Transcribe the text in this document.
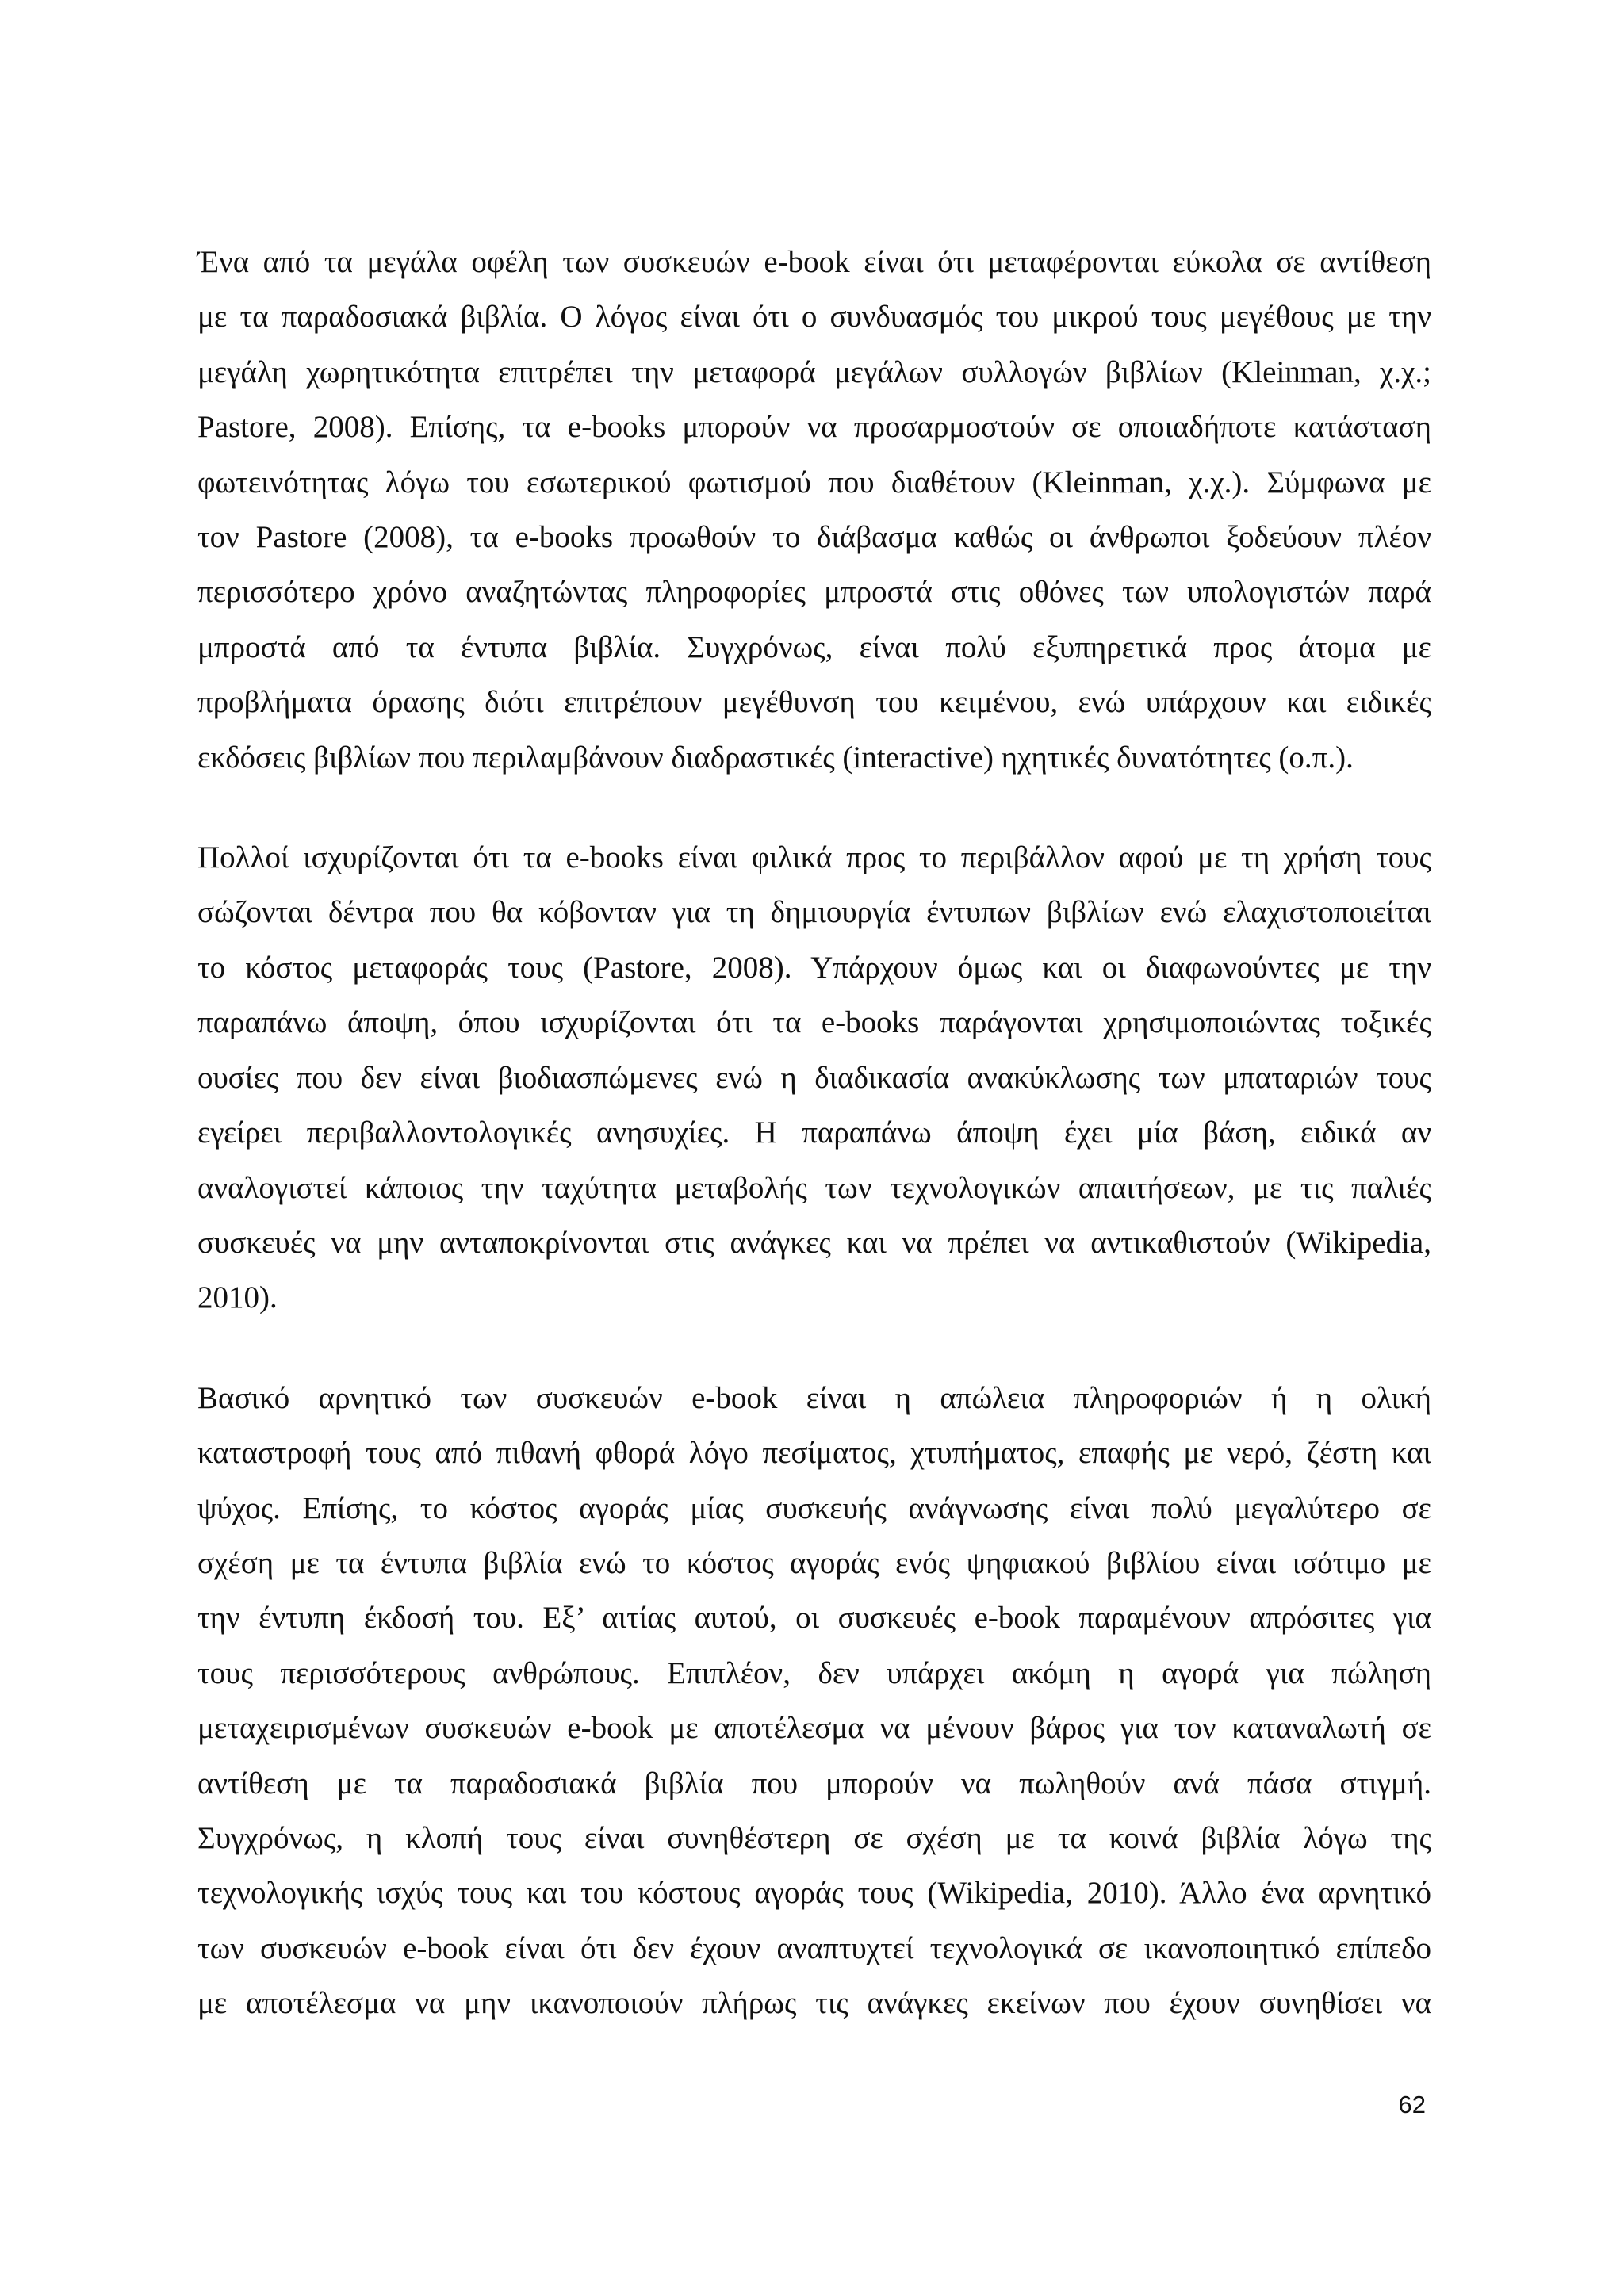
Ένα από τα μεγάλα οφέλη των συσκευών e-book είναι ότι μεταφέρονται εύκολα σε αντίθεση
με τα παραδοσιακά βιβλία. Ο λόγος είναι ότι ο συνδυασμός του μικρού τους μεγέθους με την
μεγάλη χωρητικότητα επιτρέπει την μεταφορά μεγάλων συλλογών βιβλίων (Kleinman, χ.χ.;
Pastore, 2008). Επίσης, τα e-books μπορούν να προσαρμοστούν σε οποιαδήποτε κατάσταση
φωτεινότητας λόγω του εσωτερικού φωτισμού που διαθέτουν (Kleinman, χ.χ.). Σύμφωνα με
τον Pastore (2008), τα e-books προωθούν το διάβασμα καθώς οι άνθρωποι ξοδεύουν πλέον
περισσότερο χρόνο αναζητώντας πληροφορίες μπροστά στις οθόνες των υπολογιστών παρά
μπροστά από τα έντυπα βιβλία. Συγχρόνως, είναι πολύ εξυπηρετικά προς άτομα με
προβλήματα όρασης διότι επιτρέπουν μεγέθυνση του κειμένου, ενώ υπάρχουν και ειδικές
εκδόσεις βιβλίων που περιλαμβάνουν διαδραστικές (interactive) ηχητικές δυνατότητες (ο.π.).

Πολλοί ισχυρίζονται ότι τα e-books είναι φιλικά προς το περιβάλλον αφού με τη χρήση τους
σώζονται δέντρα που θα κόβονταν για τη δημιουργία έντυπων βιβλίων ενώ ελαχιστοποιείται
το κόστος μεταφοράς τους (Pastore, 2008). Υπάρχουν όμως και οι διαφωνούντες με την
παραπάνω άποψη, όπου ισχυρίζονται ότι τα e-books παράγονται χρησιμοποιώντας τοξικές
ουσίες που δεν είναι βιοδιασπώμενες ενώ η διαδικασία ανακύκλωσης των μπαταριών τους
εγείρει περιβαλλοντολογικές ανησυχίες. Η παραπάνω άποψη έχει μία βάση, ειδικά αν
αναλογιστεί κάποιος την ταχύτητα μεταβολής των τεχνολογικών απαιτήσεων, με τις παλιές
συσκευές να μην ανταποκρίνονται στις ανάγκες και να πρέπει να αντικαθιστούν (Wikipedia,
2010).

Βασικό αρνητικό των συσκευών e-book είναι η απώλεια πληροφοριών ή η ολική
καταστροφή τους από πιθανή φθορά λόγο πεσίματος, χτυπήματος, επαφής με νερό, ζέστη και
ψύχος. Επίσης, το κόστος αγοράς μίας συσκευής ανάγνωσης είναι πολύ μεγαλύτερο σε
σχέση με τα έντυπα βιβλία ενώ το κόστος αγοράς ενός ψηφιακού βιβλίου είναι ισότιμο με
την έντυπη έκδοσή του. Εξ’ αιτίας αυτού, οι συσκευές e-book παραμένουν απρόσιτες για
τους περισσότερους ανθρώπους. Επιπλέον, δεν υπάρχει ακόμη η αγορά για πώληση
μεταχειρισμένων συσκευών e-book με αποτέλεσμα να μένουν βάρος για τον καταναλωτή σε
αντίθεση με τα παραδοσιακά βιβλία που μπορούν να πωληθούν ανά πάσα στιγμή.
Συγχρόνως, η κλοπή τους είναι συνηθέστερη σε σχέση με τα κοινά βιβλία λόγω της
τεχνολογικής ισχύς τους και του κόστους αγοράς τους (Wikipedia, 2010). Άλλο ένα αρνητικό
των συσκευών e-book είναι ότι δεν έχουν αναπτυχτεί τεχνολογικά σε ικανοποιητικό επίπεδο
με αποτέλεσμα να μην ικανοποιούν πλήρως τις ανάγκες εκείνων που έχουν συνηθίσει να

62
